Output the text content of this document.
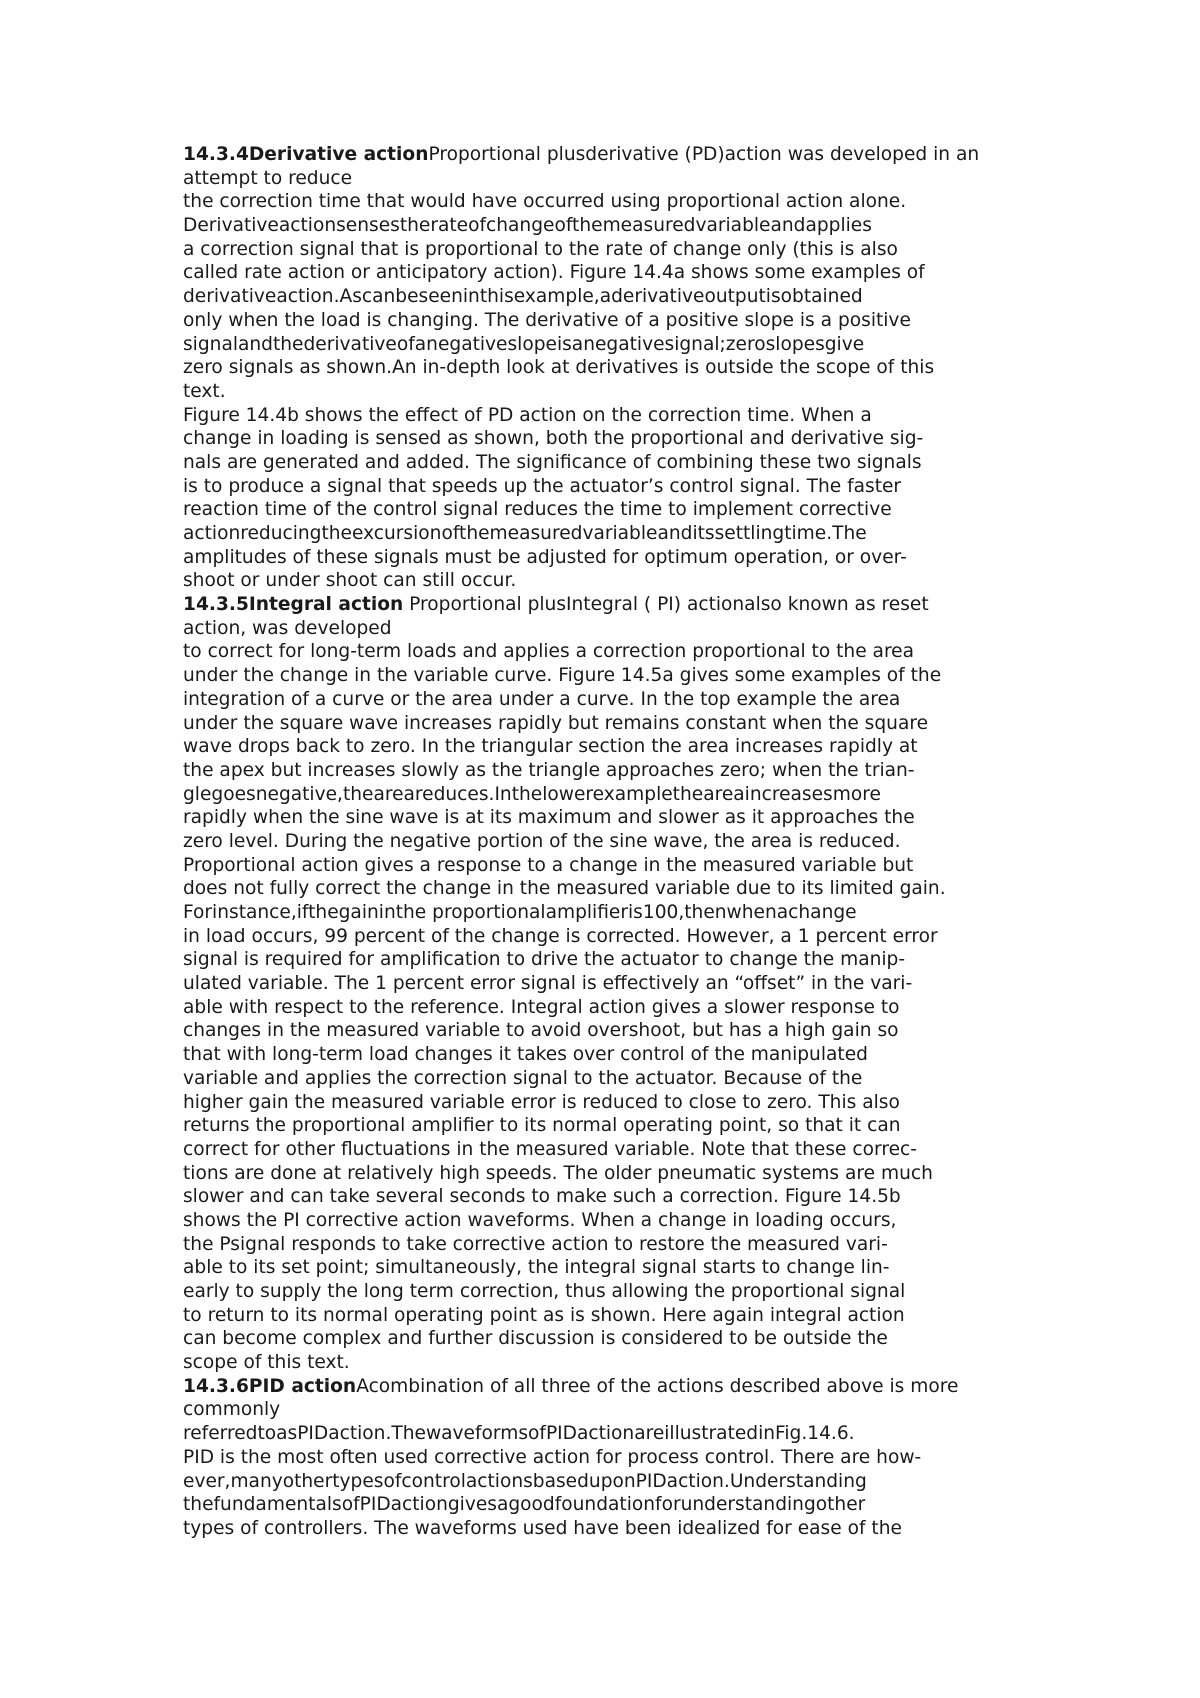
14.3.4Derivative actionProportional plusderivative (PD)action was developed in an
attempt to reduce
the correction time that would have occurred using proportional action alone.
Derivativeactionsensestherateofchangeofthemeasuredvariableandapplies
a correction signal that is proportional to the rate of change only (this is also
called rate action or anticipatory action). Figure 14.4a shows some examples of
derivativeaction.Ascanbeseeninthisexample,aderivativeoutputisobtained
only when the load is changing. The derivative of a positive slope is a positive
signalandthederivativeofanegativeslopeisanegativesignal;zeroslopesgive
zero signals as shown.An in-depth look at derivatives is outside the scope of this
text.
Figure 14.4b shows the effect of PD action on the correction time. When a
change in loading is sensed as shown, both the proportional and derivative sig-
nals are generated and added. The significance of combining these two signals
is to produce a signal that speeds up the actuator’s control signal. The faster
reaction time of the control signal reduces the time to implement corrective
actionreducingtheexcursionofthemeasuredvariableanditssettlingtime.The
amplitudes of these signals must be adjusted for optimum operation, or over-
shoot or under shoot can still occur.
14.3.5Integral action Proportional plusIntegral ( PI) actionalso known as reset
action, was developed
to correct for long-term loads and applies a correction proportional to the area
under the change in the variable curve. Figure 14.5a gives some examples of the
integration of a curve or the area under a curve. In the top example the area
under the square wave increases rapidly but remains constant when the square
wave drops back to zero. In the triangular section the area increases rapidly at
the apex but increases slowly as the triangle approaches zero; when the trian-
glegoesnegative,theareareduces.Inthelowerexampletheareaincreasesmore
rapidly when the sine wave is at its maximum and slower as it approaches the
zero level. During the negative portion of the sine wave, the area is reduced.
Proportional action gives a response to a change in the measured variable but
does not fully correct the change in the measured variable due to its limited gain.
Forinstance,ifthegaininthe proportionalamplifieris100,thenwhenachange
in load occurs, 99 percent of the change is corrected. However, a 1 percent error
signal is required for amplification to drive the actuator to change the manip-
ulated variable. The 1 percent error signal is effectively an “offset” in the vari-
able with respect to the reference. Integral action gives a slower response to
changes in the measured variable to avoid overshoot, but has a high gain so
that with long-term load changes it takes over control of the manipulated
variable and applies the correction signal to the actuator. Because of the
higher gain the measured variable error is reduced to close to zero. This also
returns the proportional amplifier to its normal operating point, so that it can
correct for other fluctuations in the measured variable. Note that these correc-
tions are done at relatively high speeds. The older pneumatic systems are much
slower and can take several seconds to make such a correction. Figure 14.5b
shows the PI corrective action waveforms. When a change in loading occurs,
the Psignal responds to take corrective action to restore the measured vari-
able to its set point; simultaneously, the integral signal starts to change lin-
early to supply the long term correction, thus allowing the proportional signal
to return to its normal operating point as is shown. Here again integral action
can become complex and further discussion is considered to be outside the
scope of this text.
14.3.6PID actionAcombination of all three of the actions described above is more
commonly
referredtoasPIDaction.ThewaveformsofPIDactionareillustratedinFig.14.6.
PID is the most often used corrective action for process control. There are how-
ever,manyothertypesofcontrolactionsbaseduponPIDaction.Understanding
thefundamentalsofPIDactiongivesagoodfoundationforunderstandingother
types of controllers. The waveforms used have been idealized for ease of the
